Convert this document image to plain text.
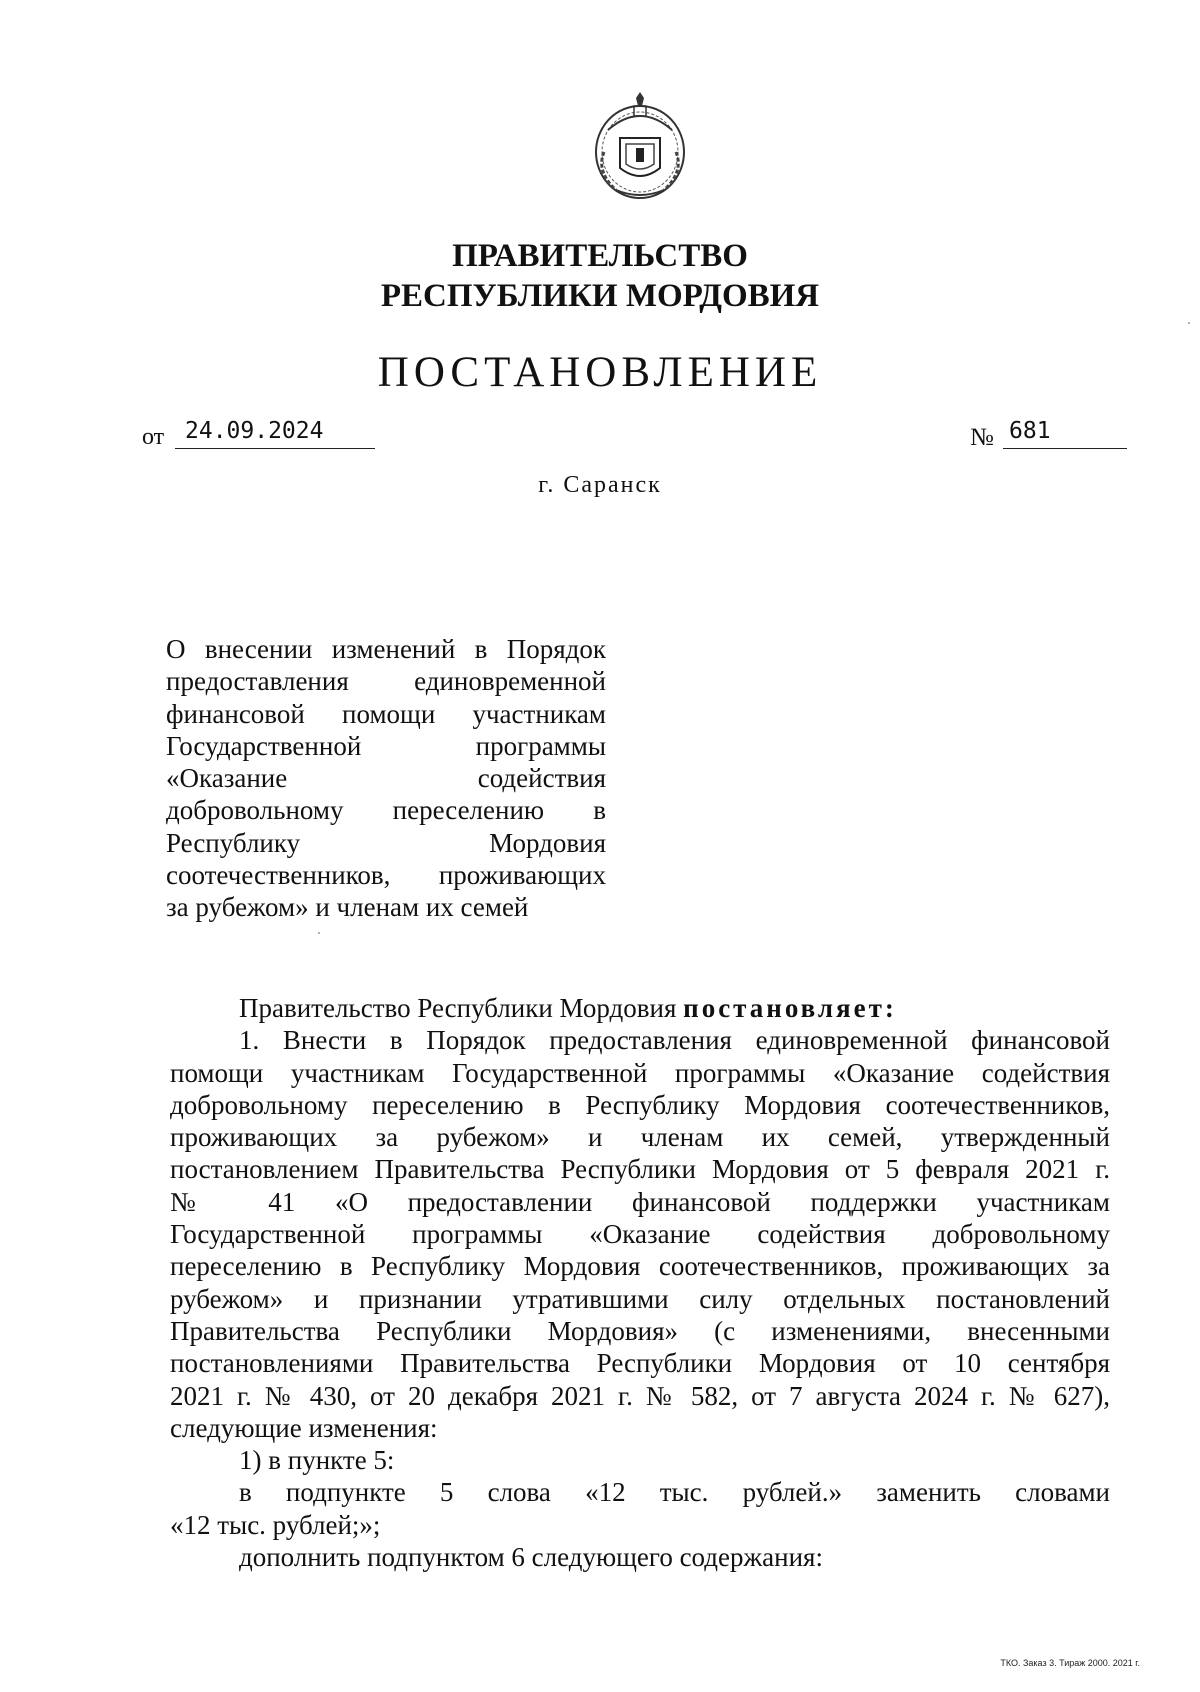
ПРАВИТЕЛЬСТВО
РЕСПУБЛИКИ МОРДОВИЯ
ПОСТАНОВЛЕНИЕ
от 24.09.2024	№ 681
г. Саранск
О внесении изменений в Порядок
предоставления единовременной
финансовой помощи участникам
Государственной программы
«Оказание содействия
добровольному переселению в
Республику Мордовия
соотечественников, проживающих
за рубежом» и членам их семей
Правительство Республики Мордовия постановляет:
1. Внести в Порядок предоставления единовременной финансовой
помощи участникам Государственной программы «Оказание содействия
добровольному переселению в Республику Мордовия соотечественников,
проживающих за рубежом» и членам их семей, утвержденный
постановлением Правительства Республики Мордовия от 5 февраля 2021 г.
№ 41 «О предоставлении финансовой поддержки участникам
Государственной программы «Оказание содействия добровольному
переселению в Республику Мордовия соотечественников, проживающих за
рубежом» и признании утратившими силу отдельных постановлений
Правительства Республики Мордовия» (с изменениями, внесенными
постановлениями Правительства Республики Мордовия от 10 сентября
2021 г. № 430, от 20 декабря 2021 г. № 582, от 7 августа 2024 г. № 627),
следующие изменения:
1) в пункте 5:
в подпункте 5 слова «12 тыс. рублей.» заменить словами
«12 тыс. рублей;»;
дополнить подпунктом 6 следующего содержания:
ТКО. Заказ 3. Тираж 2000. 2021 г.
